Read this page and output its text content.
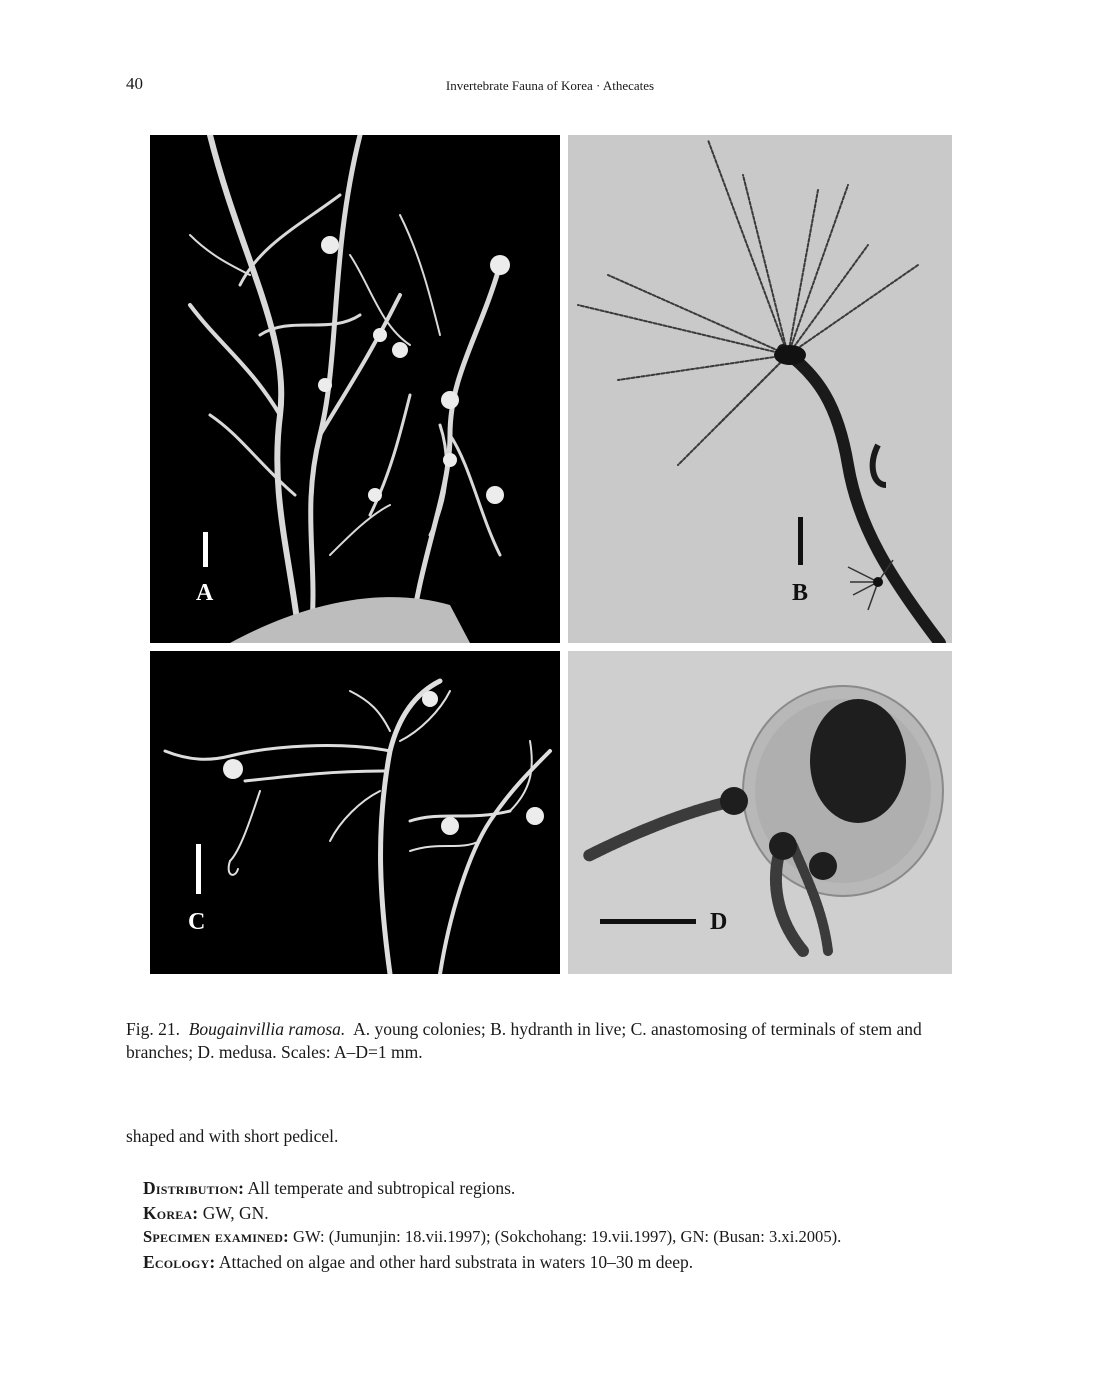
40	Invertebrate Fauna of Korea · Athecates
A	B
C	D
Fig. 21. Bougainvillia ramosa. A. young colonies; B. hydranth in live; C. anastomosing of terminals of stem and branches; D. medusa. Scales: A–D=1 mm.
shaped and with short pedicel.
Distribution: All temperate and subtropical regions.
Korea: GW, GN.
Specimen examined: GW: (Jumunjin: 18.vii.1997); (Sokchohang: 19.vii.1997), GN: (Busan: 3.xi.2005).
Ecology: Attached on algae and other hard substrata in waters 10–30 m deep.
